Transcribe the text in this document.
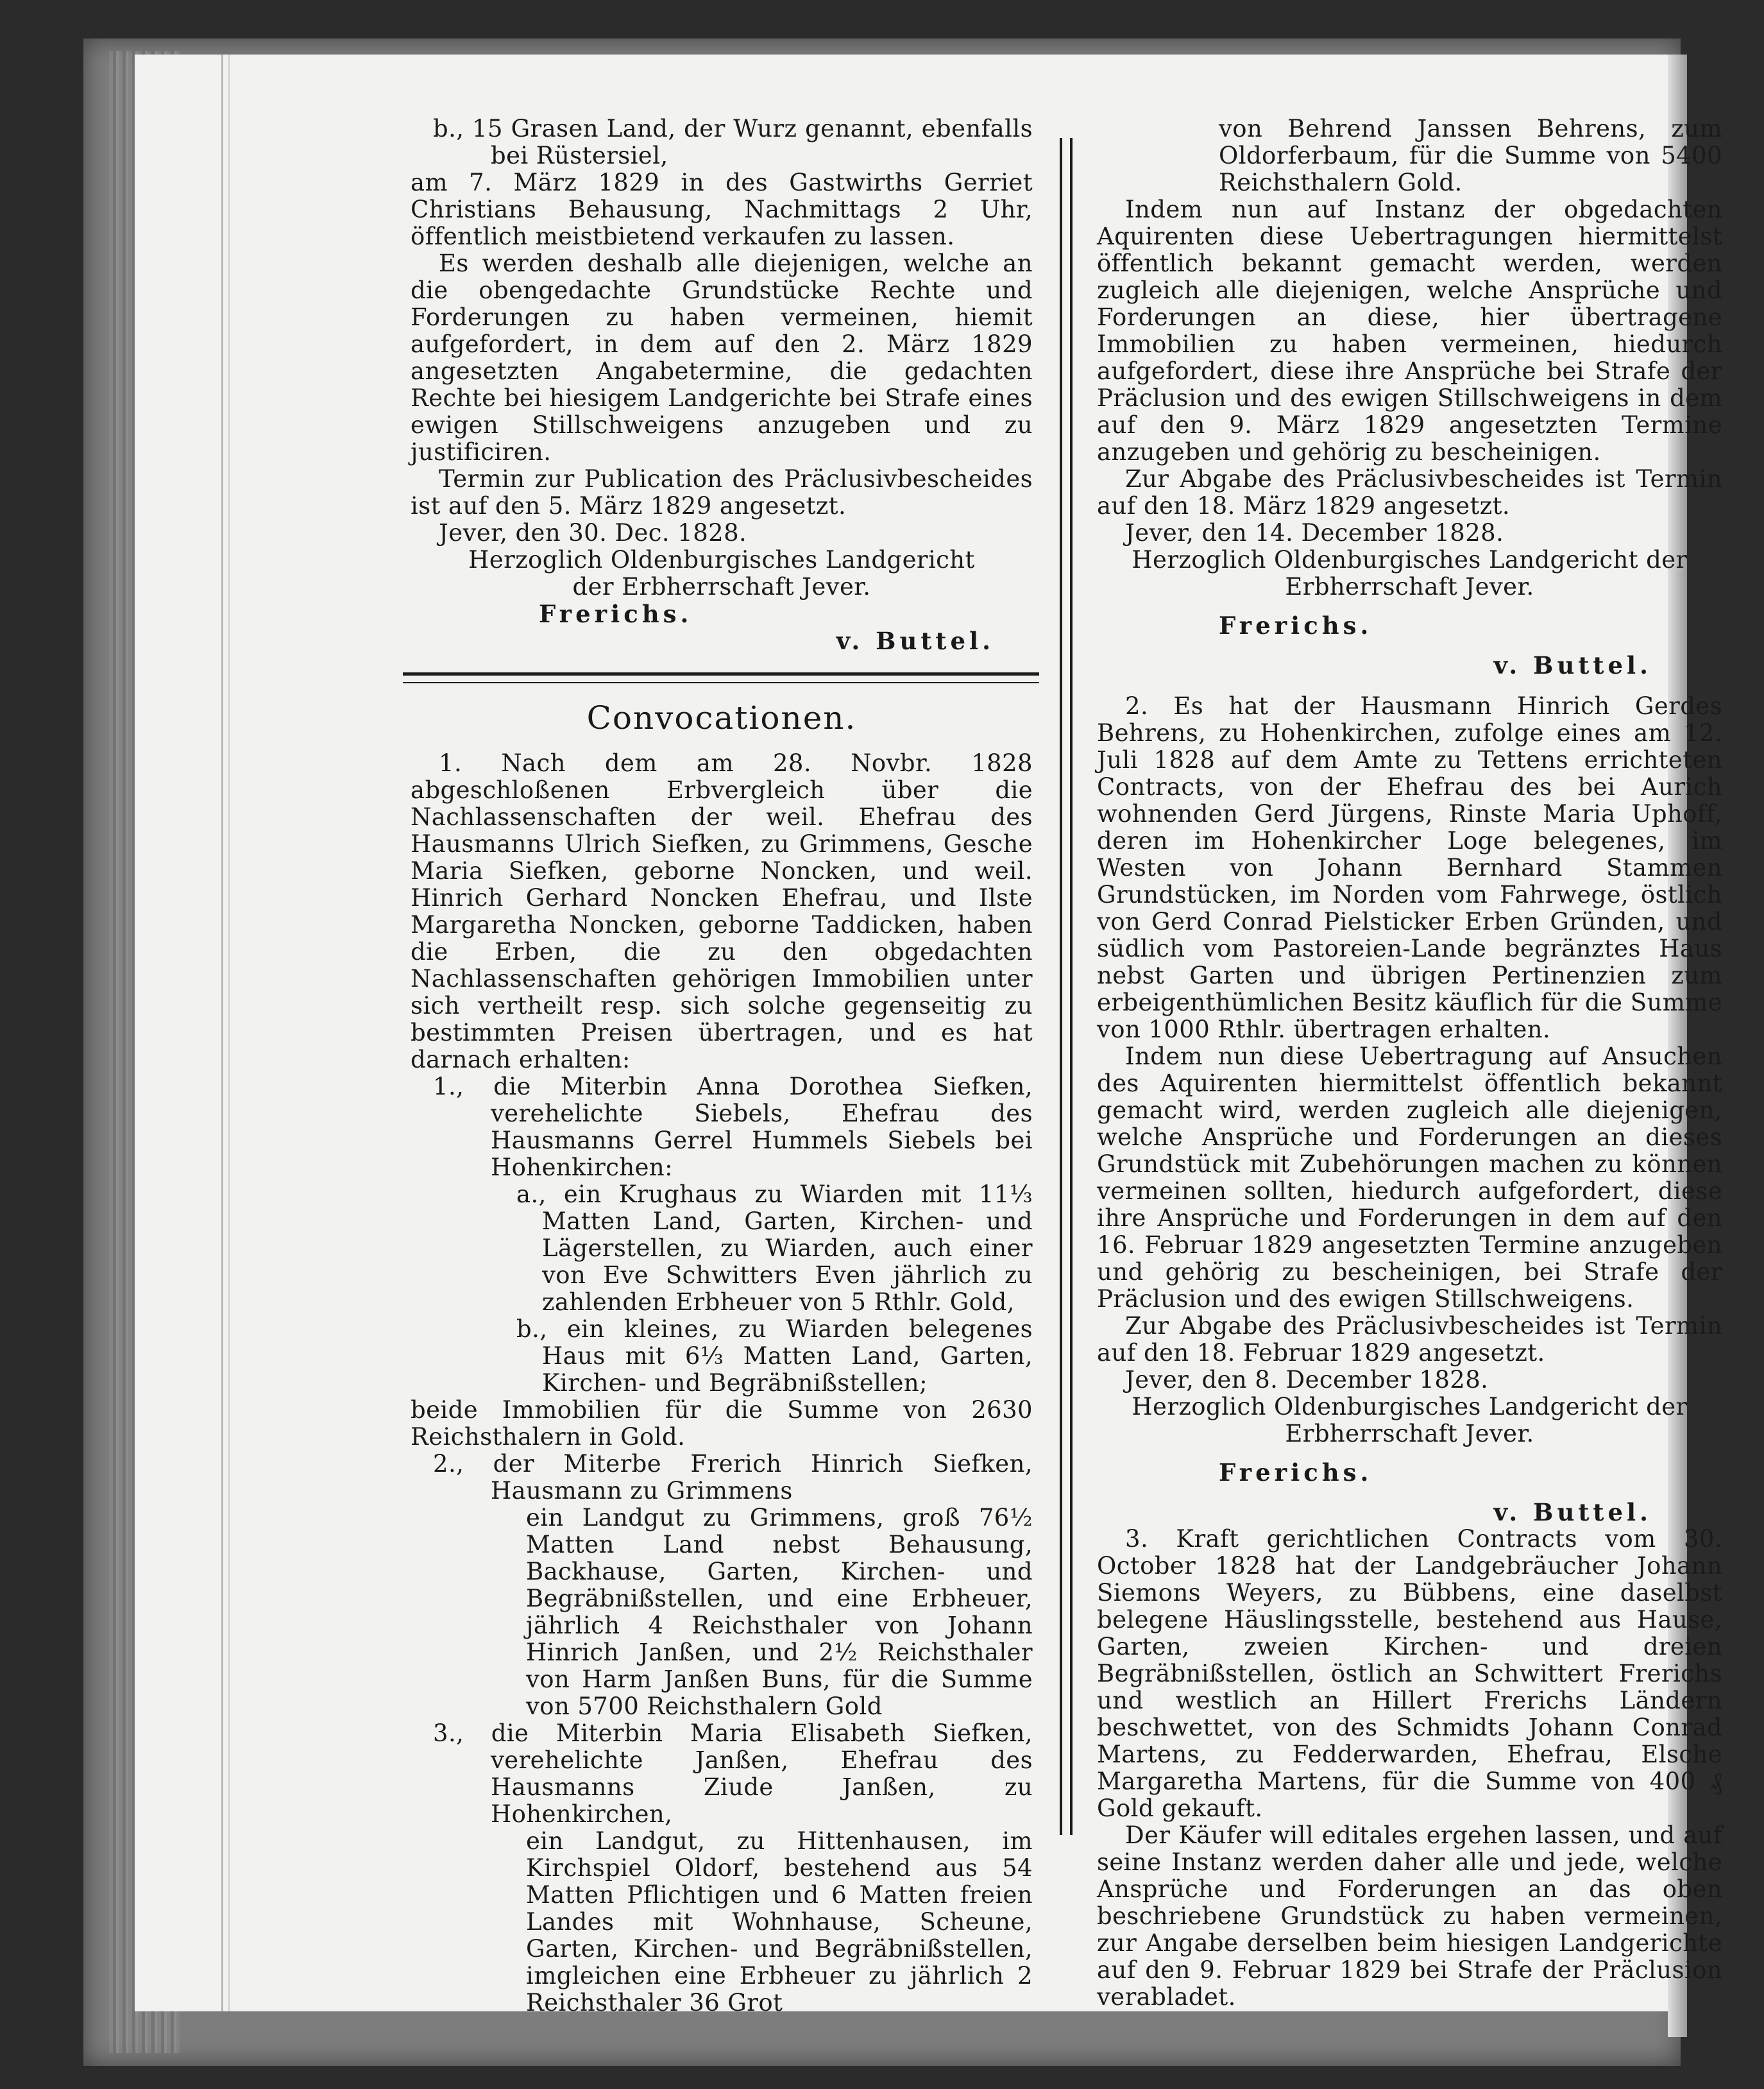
b., 15 Grasen Land, der Wurz genannt, ebenfalls bei Rüstersiel,

am 7. März 1829 in des Gastwirths Gerriet Christians Behausung, Nachmittags 2 Uhr, öffentlich meistbietend verkaufen zu lassen.

Es werden deshalb alle diejenigen, welche an die obengedachte Grundstücke Rechte und Forderungen zu haben vermeinen, hiemit aufgefordert, in dem auf den 2. März 1829 angesetzten Angabetermine, die gedachten Rechte bei hiesigem Landgerichte bei Strafe eines ewigen Stillschweigens anzugeben und zu justificiren.

Termin zur Publication des Präclusivbescheides ist auf den 5. März 1829 angesetzt.

Jever, den 30. Dec. 1828.

Herzoglich Oldenburgisches Landgericht

der Erbherrschaft Jever.

Frerichs.
v. Buttel.
Convocationen.

1. Nach dem am 28. Novbr. 1828 abgeschloßenen Erbvergleich über die Nachlassenschaften der weil. Ehefrau des Hausmanns Ulrich Siefken, zu Grimmens, Gesche Maria Siefken, geborne Noncken, und weil. Hinrich Gerhard Noncken Ehefrau, und Ilste Margaretha Noncken, geborne Taddicken, haben die Erben, die zu den obgedachten Nachlassenschaften gehörigen Immobilien unter sich vertheilt resp. sich solche gegenseitig zu bestimmten Preisen übertragen, und es hat darnach erhalten:

1., die Miterbin Anna Dorothea Siefken, verehelichte Siebels, Ehefrau des Hausmanns Gerrel Hummels Siebels bei Hohenkirchen:

a., ein Krughaus zu Wiarden mit 11⅓ Matten Land, Garten, Kirchen- und Lägerstellen, zu Wiarden, auch einer von Eve Schwitters Even jährlich zu zahlenden Erbheuer von 5 Rthlr. Gold,

b., ein kleines, zu Wiarden belegenes Haus mit 6⅓ Matten Land, Garten, Kirchen- und Begräbnißstellen;

beide Immobilien für die Summe von 2630 Reichsthalern in Gold.

2., der Miterbe Frerich Hinrich Siefken, Hausmann zu Grimmens

ein Landgut zu Grimmens, groß 76½ Matten Land nebst Behausung, Backhause, Garten, Kirchen- und Begräbnißstellen, und eine Erbheuer, jährlich 4 Reichsthaler von Johann Hinrich Janßen, und 2½ Reichsthaler von Harm Janßen Buns, für die Summe von 5700 Reichsthalern Gold

3., die Miterbin Maria Elisabeth Siefken, verehelichte Janßen, Ehefrau des Hausmanns Ziude Janßen, zu Hohenkirchen,

ein Landgut, zu Hittenhausen, im Kirchspiel Oldorf, bestehend aus 54 Matten Pflichtigen und 6 Matten freien Landes mit Wohnhause, Scheune, Garten, Kirchen- und Begräbnißstellen, imgleichen eine Erbheuer zu jährlich 2 Reichsthaler 36 Grot

von Behrend Janssen Behrens, zum Oldorferbaum, für die Summe von 5400 Reichsthalern Gold.

Indem nun auf Instanz der obgedachten Aquirenten diese Uebertragungen hiermittelst öffentlich bekannt gemacht werden, werden zugleich alle diejenigen, welche Ansprüche und Forderungen an diese, hier übertragene Immobilien zu haben vermeinen, hiedurch aufgefordert, diese ihre Ansprüche bei Strafe der Präclusion und des ewigen Stillschweigens in dem auf den 9. März 1829 angesetzten Termine anzugeben und gehörig zu bescheinigen.

Zur Abgabe des Präclusivbescheides ist Termin auf den 18. März 1829 angesetzt.

Jever, den 14. December 1828.

Herzoglich Oldenburgisches Landgericht der

Erbherrschaft Jever.

Frerichs.

v. Buttel.

2. Es hat der Hausmann Hinrich Gerdes Behrens, zu Hohenkirchen, zufolge eines am 12. Juli 1828 auf dem Amte zu Tettens errichteten Contracts, von der Ehefrau des bei Aurich wohnenden Gerd Jürgens, Rinste Maria Uphoff, deren im Hohenkircher Loge belegenes, im Westen von Johann Bernhard Stammen Grundstücken, im Norden vom Fahrwege, östlich von Gerd Conrad Pielsticker Erben Gründen, und südlich vom Pastoreien-Lande begränztes Haus nebst Garten und übrigen Pertinenzien zum erbeigenthümlichen Besitz käuflich für die Summe von 1000 Rthlr. übertragen erhalten.

Indem nun diese Uebertragung auf Ansuchen des Aquirenten hiermittelst öffentlich bekannt gemacht wird, werden zugleich alle diejenigen, welche Ansprüche und Forderungen an dieses Grundstück mit Zubehörungen machen zu können vermeinen sollten, hiedurch aufgefordert, diese ihre Ansprüche und Forderungen in dem auf den 16. Februar 1829 angesetzten Termine anzugeben und gehörig zu bescheinigen, bei Strafe der Präclusion und des ewigen Stillschweigens.

Zur Abgabe des Präclusivbescheides ist Termin auf den 18. Februar 1829 angesetzt.

Jever, den 8. December 1828.

Herzoglich Oldenburgisches Landgericht der

Erbherrschaft Jever.

Frerichs.

v. Buttel.

3. Kraft gerichtlichen Contracts vom 30. October 1828 hat der Landgebräucher Johann Siemons Weyers, zu Bübbens, eine daselbst belegene Häuslingsstelle, bestehend aus Hause, Garten, zweien Kirchen- und dreien Begräbnißstellen, östlich an Schwittert Frerichs und westlich an Hillert Frerichs Ländern beschwettet, von des Schmidts Johann Conrad Martens, zu Fedderwarden, Ehefrau, Elsche Margaretha Martens, für die Summe von 400 ₰ Gold gekauft.

Der Käufer will editales ergehen lassen, und auf seine Instanz werden daher alle und jede, welche Ansprüche und Forderungen an das oben beschriebene Grundstück zu haben vermeinen, zur Angabe derselben beim hiesigen Landgerichte auf den 9. Februar 1829 bei Strafe der Präclusion verabladet.
